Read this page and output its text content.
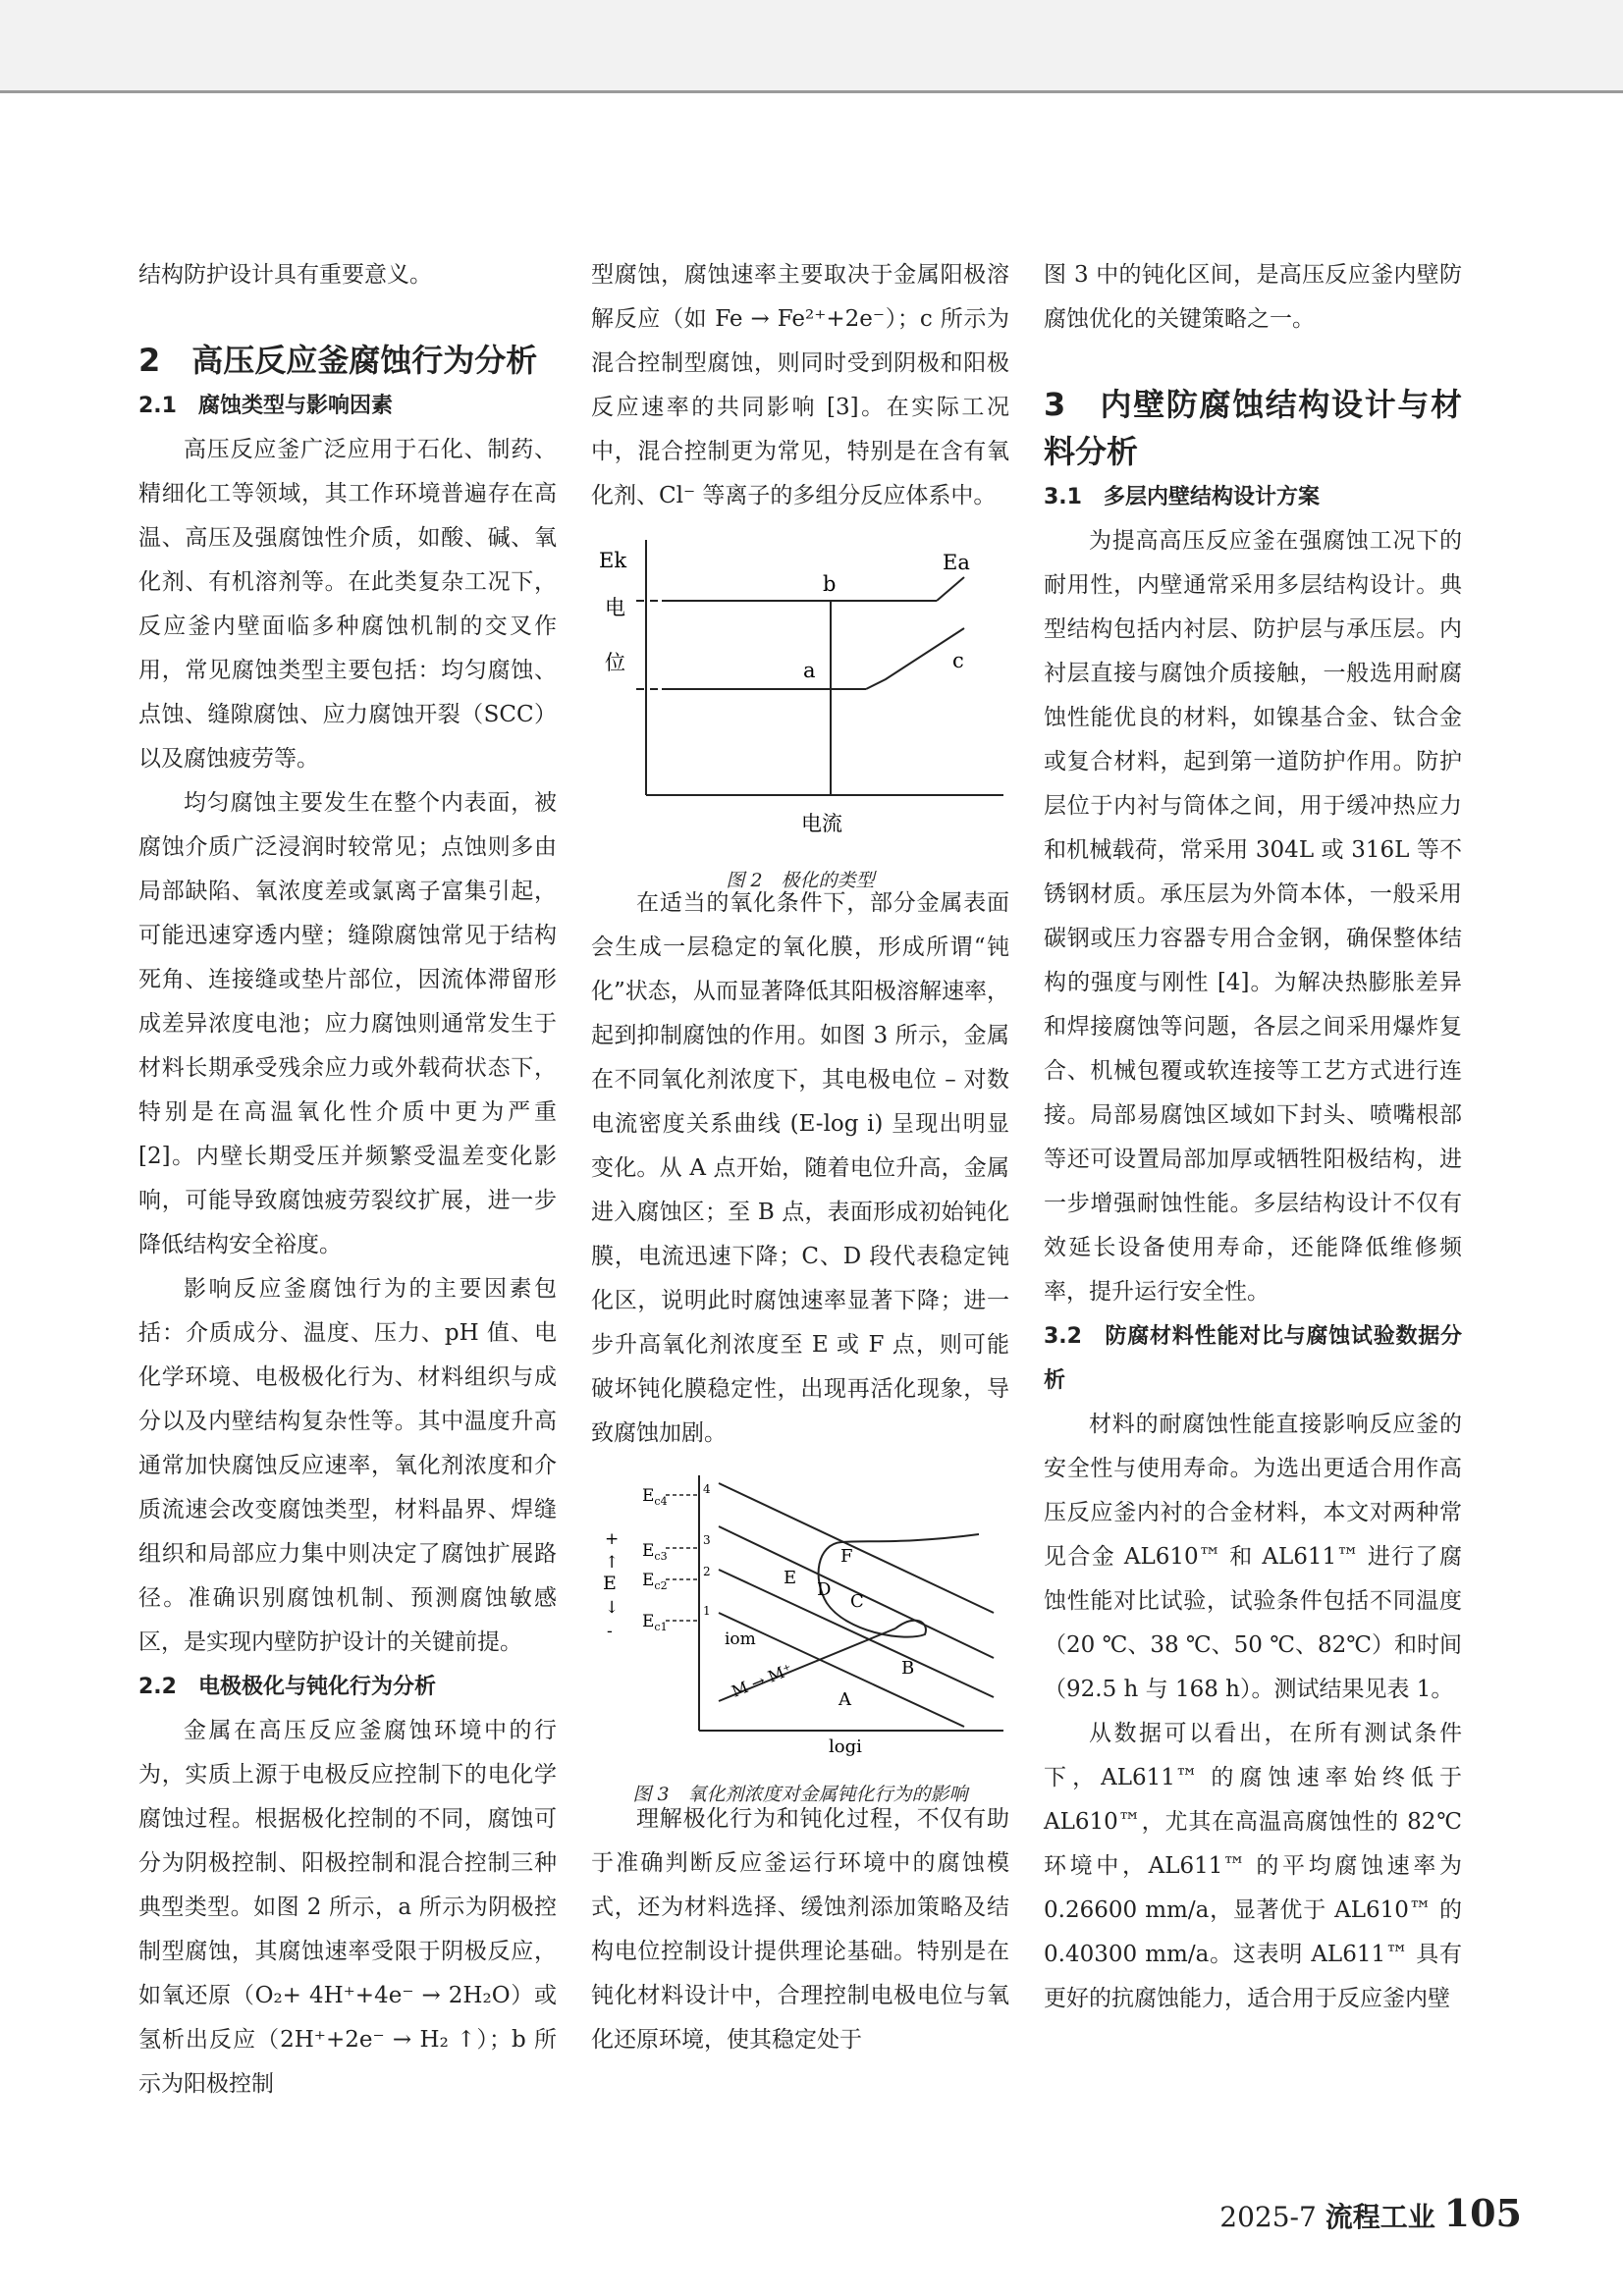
结构防护设计具有重要意义。

2　高压反应釜腐蚀行为分析
2.1　腐蚀类型与影响因素

高压反应釜广泛应用于石化、制药、精细化工等领域，其工作环境普遍存在高温、高压及强腐蚀性介质，如酸、碱、氧化剂、有机溶剂等。在此类复杂工况下，反应釜内壁面临多种腐蚀机制的交叉作用，常见腐蚀类型主要包括：均匀腐蚀、点蚀、缝隙腐蚀、应力腐蚀开裂（SCC）以及腐蚀疲劳等。

均匀腐蚀主要发生在整个内表面，被腐蚀介质广泛浸润时较常见；点蚀则多由局部缺陷、氧浓度差或氯离子富集引起，可能迅速穿透内壁；缝隙腐蚀常见于结构死角、连接缝或垫片部位，因流体滞留形成差异浓度电池；应力腐蚀则通常发生于材料长期承受残余应力或外载荷状态下，特别是在高温氧化性介质中更为严重 [2]。内壁长期受压并频繁受温差变化影响，可能导致腐蚀疲劳裂纹扩展，进一步降低结构安全裕度。

影响反应釜腐蚀行为的主要因素包括：介质成分、温度、压力、pH 值、电化学环境、电极极化行为、材料组织与成分以及内壁结构复杂性等。其中温度升高通常加快腐蚀反应速率，氧化剂浓度和介质流速会改变腐蚀类型，材料晶界、焊缝组织和局部应力集中则决定了腐蚀扩展路径。准确识别腐蚀机制、预测腐蚀敏感区，是实现内壁防护设计的关键前提。

2.2　电极极化与钝化行为分析

金属在高压反应釜腐蚀环境中的行为，实质上源于电极反应控制下的电化学腐蚀过程。根据极化控制的不同，腐蚀可分为阴极控制、阳极控制和混合控制三种典型类型。如图 2 所示，a 所示为阴极控制型腐蚀，其腐蚀速率受限于阴极反应，如氧还原（O₂+ 4H⁺+4e⁻ → 2H₂O）或氢析出反应（2H⁺+2e⁻ → H₂ ↑）；b 所示为阳极控制

型腐蚀，腐蚀速率主要取决于金属阳极溶解反应（如 Fe → Fe²⁺+2e⁻）；c 所示为混合控制型腐蚀，则同时受到阴极和阳极反应速率的共同影响 [3]。在实际工况中，混合控制更为常见，特别是在含有氧化剂、Cl⁻ 等离子的多组分反应体系中。

Ek
电
位
b
a
Ea
c
电流
图 2　极化的类型

在适当的氧化条件下，部分金属表面会生成一层稳定的氧化膜，形成所谓“钝化”状态，从而显著降低其阳极溶解速率，起到抑制腐蚀的作用。如图 3 所示，金属在不同氧化剂浓度下，其电极电位 – 对数电流密度关系曲线 (E-log i) 呈现出明显变化。从 A 点开始，随着电位升高，金属进入腐蚀区；至 B 点，表面形成初始钝化膜，电流迅速下降；C、D 段代表稳定钝化区，说明此时腐蚀速率显著下降；进一步升高氧化剂浓度至 E 或 F 点，则可能破坏钝化膜稳定性，出现再活化现象，导致腐蚀加剧。

$E_{c4}$
$E_{c3}$
$E_{c2}$
$E_{c1}$
4
3
2
1
+
↑
E
↓
-	iom
M → M⁺ A
B
C
D
E
F
logi
图 3　氧化剂浓度对金属钝化行为的影响

理解极化行为和钝化过程，不仅有助于准确判断反应釜运行环境中的腐蚀模式，还为材料选择、缓蚀剂添加策略及结构电位控制设计提供理论基础。特别是在钝化材料设计中，合理控制电极电位与氧化还原环境，使其稳定处于

图 3 中的钝化区间，是高压反应釜内壁防腐蚀优化的关键策略之一。

3　内壁防腐蚀结构设计与材料分析
3.1　多层内壁结构设计方案

为提高高压反应釜在强腐蚀工况下的耐用性，内壁通常采用多层结构设计。典型结构包括内衬层、防护层与承压层。内衬层直接与腐蚀介质接触，一般选用耐腐蚀性能优良的材料，如镍基合金、钛合金或复合材料，起到第一道防护作用。防护层位于内衬与筒体之间，用于缓冲热应力和机械载荷，常采用 304L 或 316L 等不锈钢材质。承压层为外筒本体，一般采用碳钢或压力容器专用合金钢，确保整体结构的强度与刚性 [4]。为解决热膨胀差异和焊接腐蚀等问题，各层之间采用爆炸复合、机械包覆或软连接等工艺方式进行连接。局部易腐蚀区域如下封头、喷嘴根部等还可设置局部加厚或牺牲阳极结构，进一步增强耐蚀性能。多层结构设计不仅有效延长设备使用寿命，还能降低维修频率，提升运行安全性。

3.2　防腐材料性能对比与腐蚀试验数据分析

材料的耐腐蚀性能直接影响反应釜的安全性与使用寿命。为选出更适合用作高压反应釜内衬的合金材料，本文对两种常见合金 AL610™ 和 AL611™ 进行了腐蚀性能对比试验，试验条件包括不同温度（20 ℃、38 ℃、50 ℃、82℃）和时间（92.5 h 与 168 h）。测试结果见表 1。

从数据可以看出，在所有测试条件下，AL611™ 的腐蚀速率始终低于 AL610™，尤其在高温高腐蚀性的 82℃ 环境中，AL611™ 的平均腐蚀速率为 0.26600 mm/a，显著优于 AL610™ 的 0.40300 mm/a。这表明 AL611™ 具有更好的抗腐蚀能力，适合用于反应釜内壁

2025-7 流程工业 105
